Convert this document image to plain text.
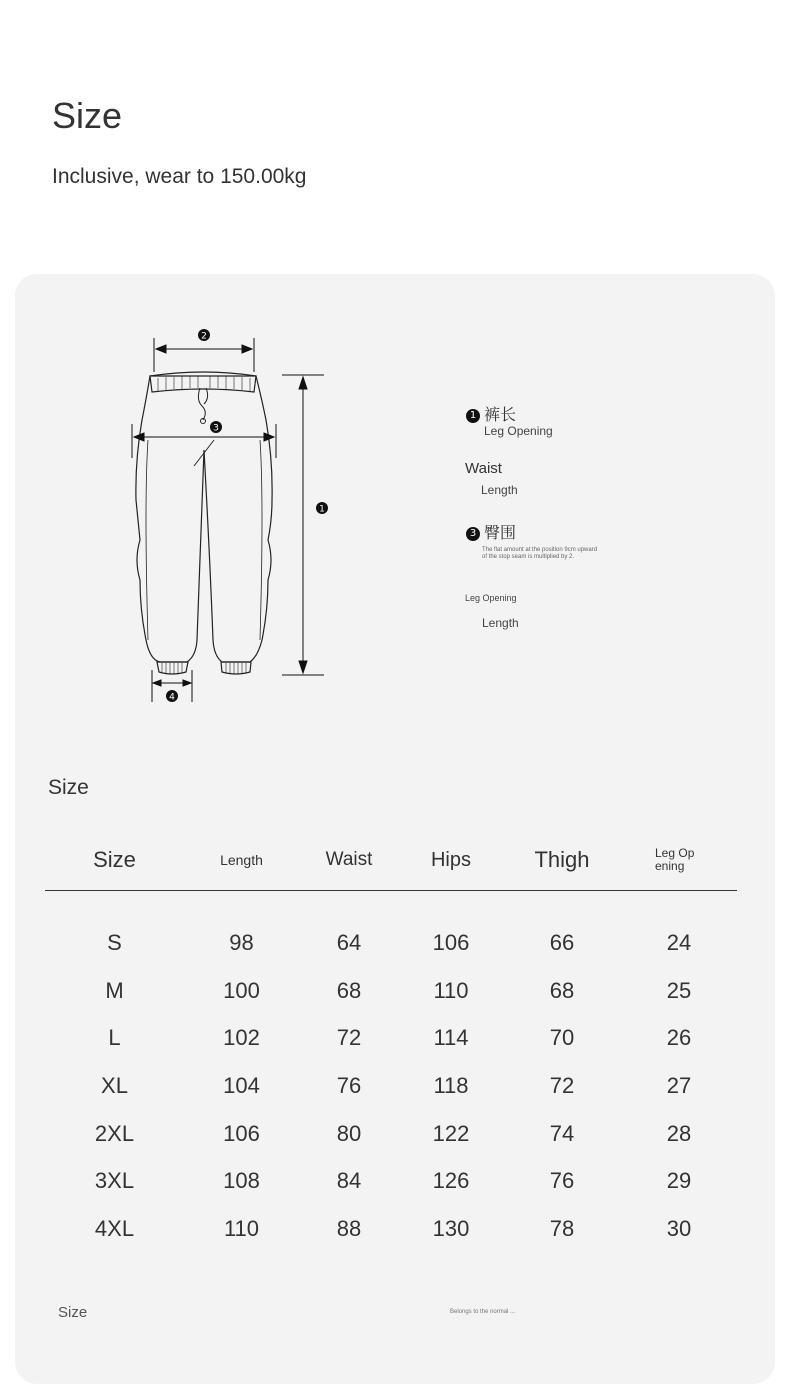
Size
Inclusive, wear to 150.00kg
2
3
1
4
1 裤长
Leg Opening
Waist
Length
3 臀围
The flat amount at the position 9cm upward
of the stop seam is multiplied by 2.
Leg Opening
Length
Size
Size	Length	Waist	Hips	Thigh	Leg Op
ening

S	98	64	106	66	24
M	100	68	110	68	25
L	102	72	114	70	26
XL	104	76	118	72	27
2XL	106	80	122	74	28
3XL	108	84	126	76	29
4XL	110	88	130	78	30
Size	Belongs to the normal ...
